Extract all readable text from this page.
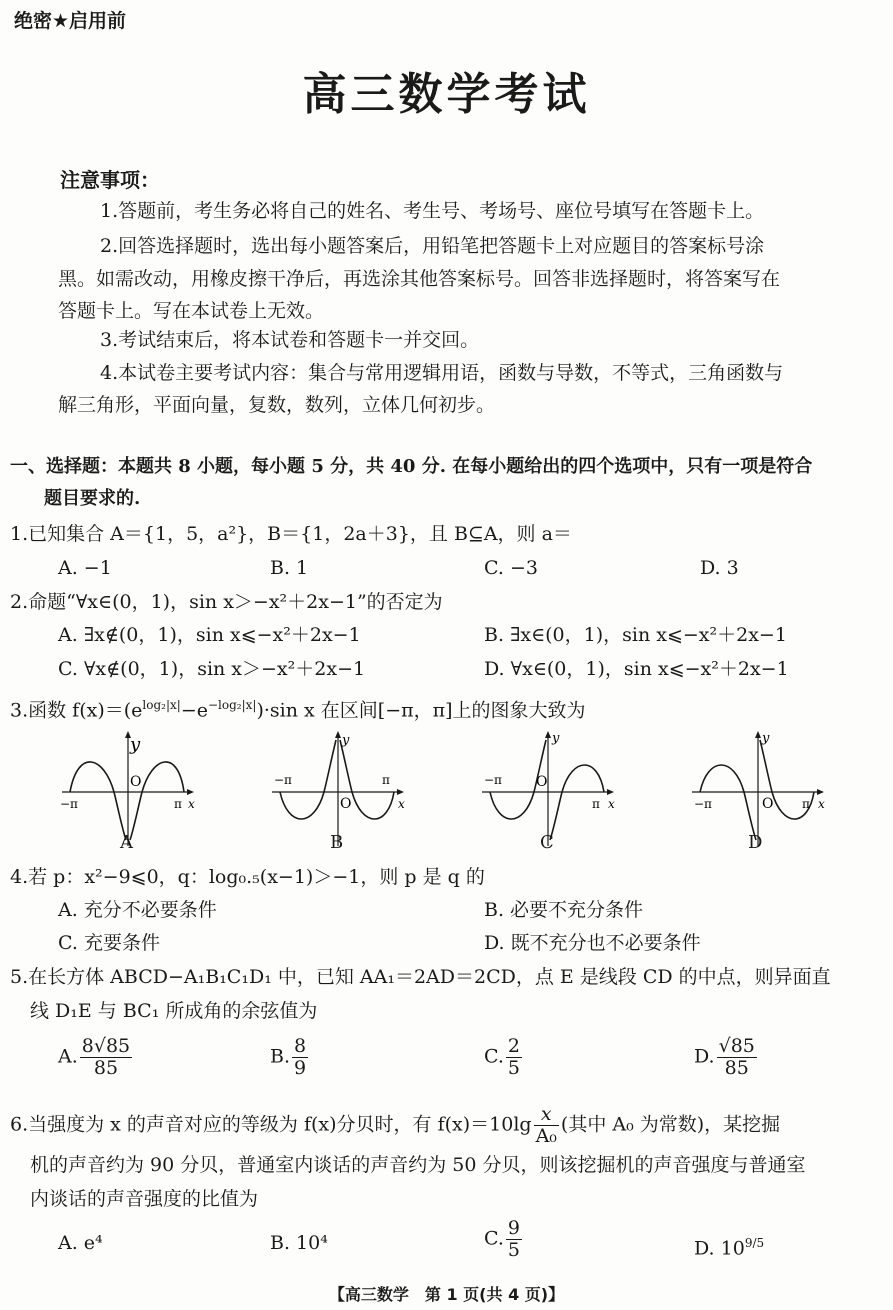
绝密★启用前
高三数学考试
注意事项：
1.答题前，考生务必将自己的姓名、考生号、考场号、座位号填写在答题卡上。
2.回答选择题时，选出每小题答案后，用铅笔把答题卡上对应题目的答案标号涂
黑。如需改动，用橡皮擦干净后，再选涂其他答案标号。回答非选择题时，将答案写在
答题卡上。写在本试卷上无效。
3.考试结束后，将本试卷和答题卡一并交回。
4.本试卷主要考试内容：集合与常用逻辑用语，函数与导数，不等式，三角函数与
解三角形，平面向量，复数，数列，立体几何初步。
一、选择题：本题共 8 小题，每小题 5 分，共 40 分. 在每小题给出的四个选项中，只有一项是符合
题目要求的.
1.已知集合 A＝{1，5，a²}，B＝{1，2a＋3}，且 B⊆A，则 a＝
A. −1	B. 1	C. −3	D. 3
2.命题“∀x∈(0，1)，sin x＞−x²＋2x−1”的否定为
A. ∃x∉(0，1)，sin x⩽−x²＋2x−1	B. ∃x∈(0，1)，sin x⩽−x²＋2x−1
C. ∀x∉(0，1)，sin x＞−x²＋2x−1	D. ∀x∈(0，1)，sin x⩽−x²＋2x−1
3.函数 $f(x)=(e^{log_2|x|}-e^{-log_2|x|})\cdot\sin$ x 在区间[−π，π]上的图象大致为
y
O
−π	π x
A
y
O
−π	π
x
B
y
O
−π
π x
C
y
O
−π	π x
D
4.若 p：x²−9⩽0，q：log₀.₅(x−1)＞−1，则 p 是 q 的
A. 充分不必要条件	B. 必要不充分条件
C. 充要条件	D. 既不充分也不必要条件
5.在长方体 ABCD−A₁B₁C₁D₁ 中，已知 AA₁＝2AD＝2CD，点 E 是线段 CD 的中点，则异面直
线 D₁E 与 BC₁ 所成角的余弦值为
A. $\frac{8√85}{85}$	B. $\frac{8}{9}$	C. $\frac{2}{5}$	D. $\frac{√85}{85}$
6.当强度为 x 的声音对应的等级为 f(x)分贝时，有 $f(x)=10\lg \frac{x}{\text{A₀}}$ (其中 A₀ 为常数)，某挖掘
机的声音约为 90 分贝，普通室内谈话的声音约为 50 分贝，则该挖掘机的声音强度与普通室
内谈话的声音强度的比值为
A. e⁴	B. 10⁴	C. $\frac{9}{5}$	D. $10^{9/5}$
【高三数学　第 1 页(共 4 页)】
